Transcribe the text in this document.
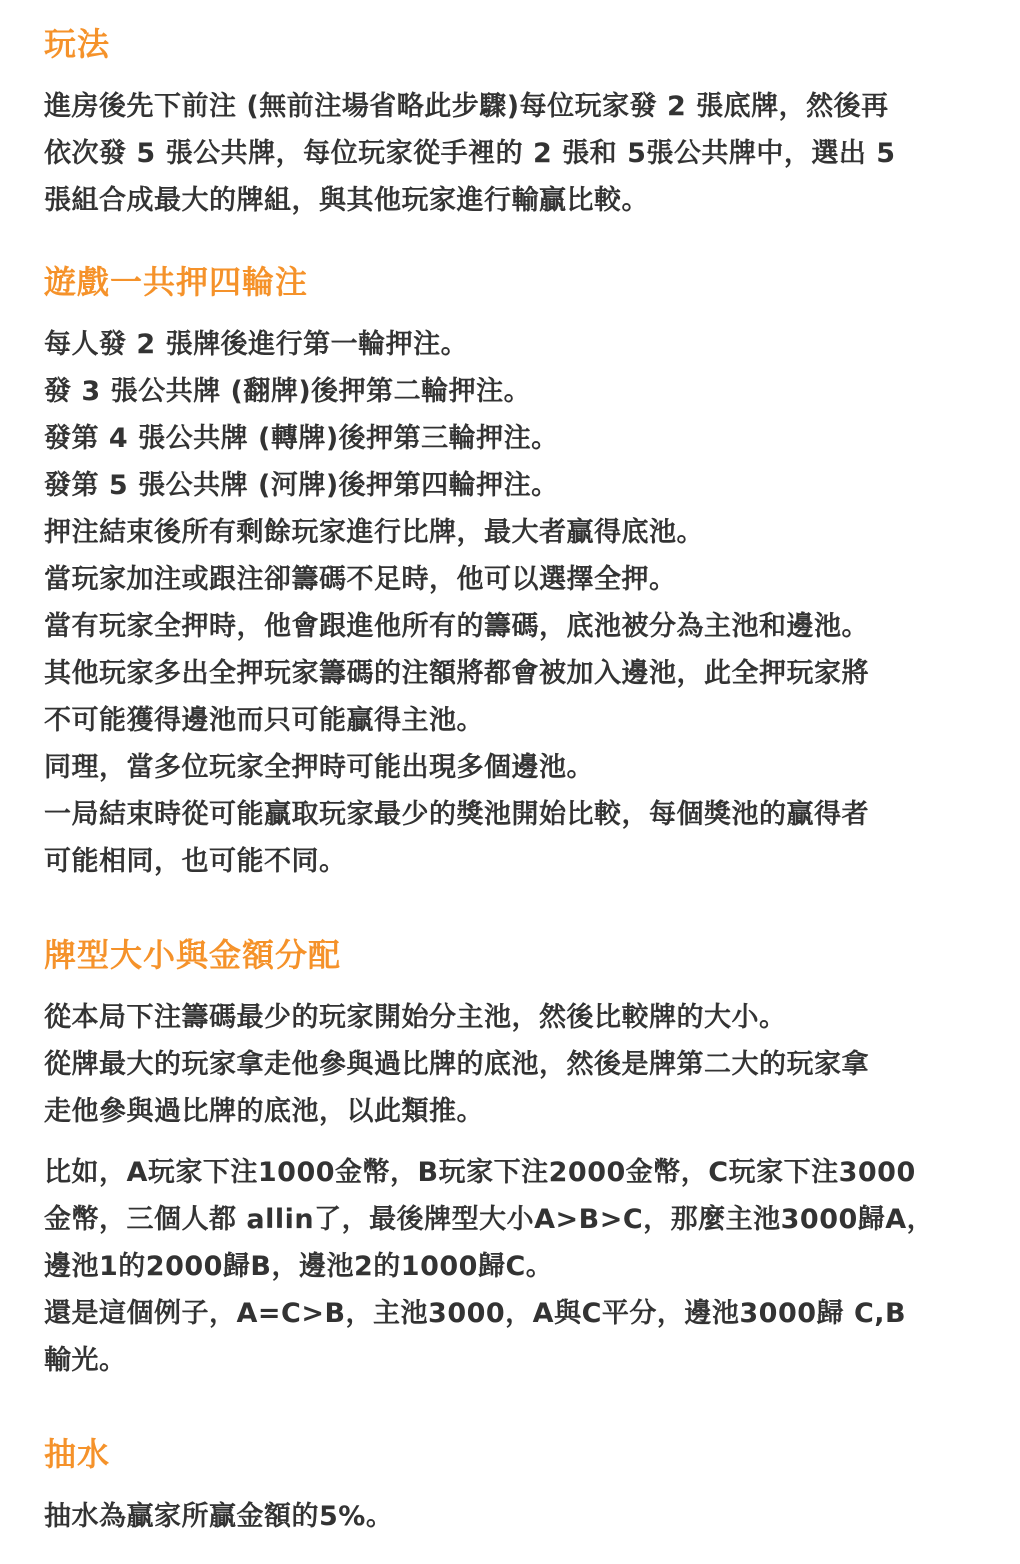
玩法

進房後先下前注 (無前注場省略此步驟)每位玩家發 2 張底牌，然後再
依次發 5 張公共牌，每位玩家從手裡的 2 張和 5張公共牌中，選出 5
張組合成最大的牌組，與其他玩家進行輸贏比較。

遊戲一共押四輪注

每人發 2 張牌後進行第一輪押注。
發 3 張公共牌 (翻牌)後押第二輪押注。
發第 4 張公共牌 (轉牌)後押第三輪押注。
發第 5 張公共牌 (河牌)後押第四輪押注。
押注結束後所有剩餘玩家進行比牌，最大者贏得底池。
當玩家加注或跟注卻籌碼不足時，他可以選擇全押。
當有玩家全押時，他會跟進他所有的籌碼，底池被分為主池和邊池。
其他玩家多出全押玩家籌碼的注額將都會被加入邊池，此全押玩家將
不可能獲得邊池而只可能贏得主池。
同理，當多位玩家全押時可能出現多個邊池。
一局結束時從可能贏取玩家最少的獎池開始比較，每個獎池的贏得者
可能相同，也可能不同。

牌型大小與金額分配

從本局下注籌碼最少的玩家開始分主池，然後比較牌的大小。
從牌最大的玩家拿走他參與過比牌的底池，然後是牌第二大的玩家拿
走他參與過比牌的底池，以此類推。

比如，A玩家下注1000金幣，B玩家下注2000金幣，C玩家下注3000
金幣，三個人都 allin了，最後牌型大小A>B>C，那麼主池3000歸A，
邊池1的2000歸B，邊池2的1000歸C。
還是這個例子，A=C>B，主池3000，A與C平分，邊池3000歸 C,B
輸光。

抽水

抽水為贏家所贏金額的5%。
